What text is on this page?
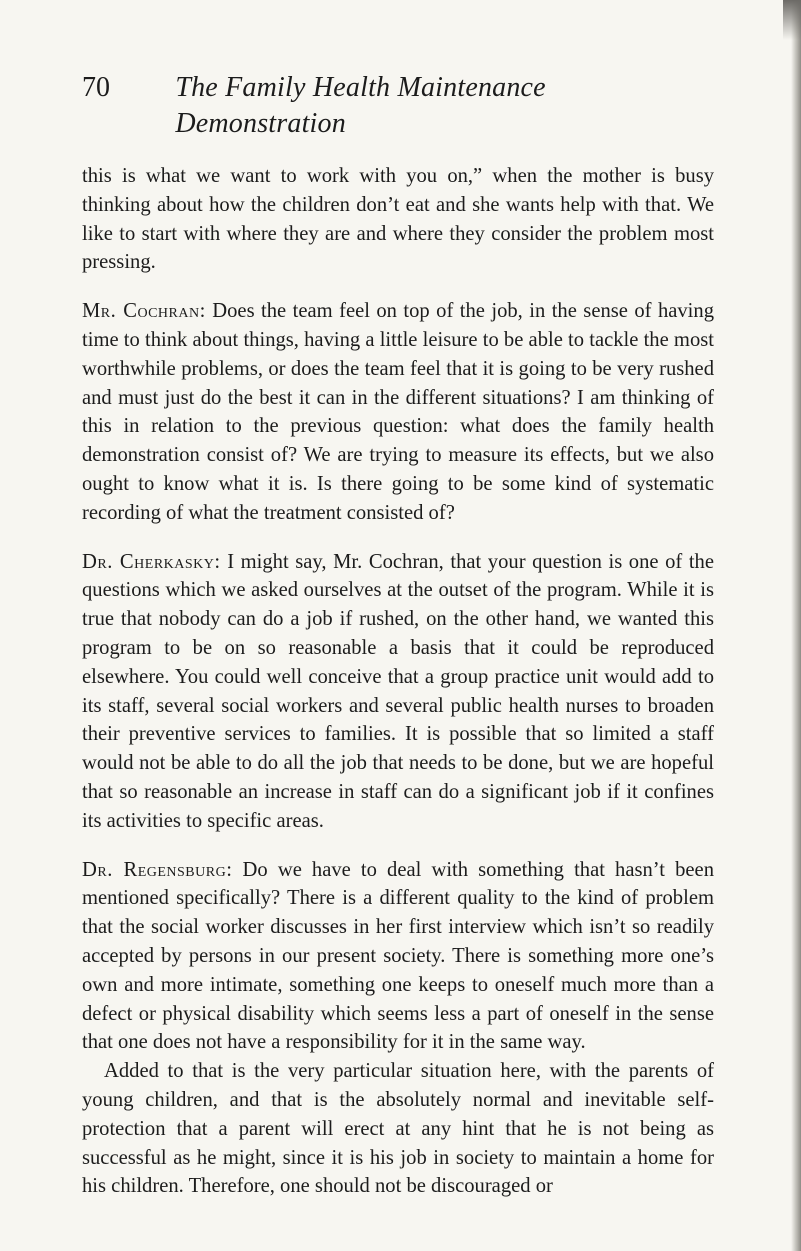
70	The Family Health Maintenance Demonstration

this is what we want to work with you on,” when the mother is busy thinking about how the children don’t eat and she wants help with that. We like to start with where they are and where they consider the problem most pressing.

Mr. Cochran: Does the team feel on top of the job, in the sense of having time to think about things, having a little leisure to be able to tackle the most worthwhile problems, or does the team feel that it is going to be very rushed and must just do the best it can in the different situations? I am thinking of this in relation to the previous question: what does the family health demonstration consist of? We are trying to measure its effects, but we also ought to know what it is. Is there going to be some kind of systematic recording of what the treatment consisted of?

Dr. Cherkasky: I might say, Mr. Cochran, that your question is one of the questions which we asked ourselves at the outset of the program. While it is true that nobody can do a job if rushed, on the other hand, we wanted this program to be on so reasonable a basis that it could be reproduced elsewhere. You could well conceive that a group practice unit would add to its staff, several social workers and several public health nurses to broaden their preventive services to families. It is possible that so limited a staff would not be able to do all the job that needs to be done, but we are hopeful that so reasonable an increase in staff can do a significant job if it confines its activities to specific areas.

Dr. Regensburg: Do we have to deal with something that hasn’t been mentioned specifically? There is a different quality to the kind of problem that the social worker discusses in her first interview which isn’t so readily accepted by persons in our present society. There is something more one’s own and more intimate, something one keeps to oneself much more than a defect or physical disability which seems less a part of oneself in the sense that one does not have a responsibility for it in the same way.

Added to that is the very particular situation here, with the parents of young children, and that is the absolutely normal and inevitable self-protection that a parent will erect at any hint that he is not being as successful as he might, since it is his job in society to maintain a home for his children. Therefore, one should not be discouraged or
